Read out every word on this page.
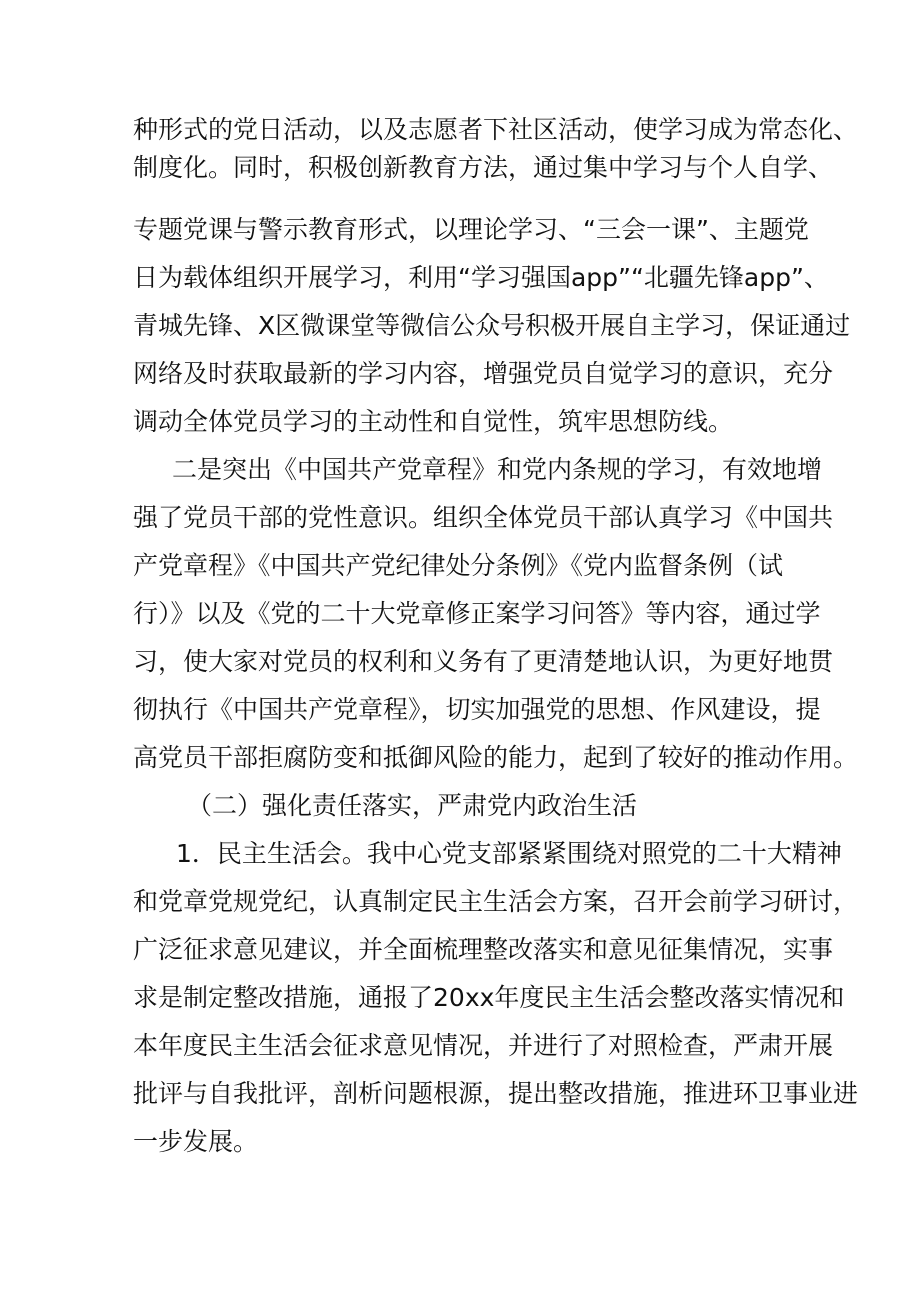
种形式的党日活动，以及志愿者下社区活动，使学习成为常态化、
制度化。同时，积极创新教育方法，通过集中学习与个人自学、
专题党课与警示教育形式，以理论学习、“三会一课”、主题党
日为载体组织开展学习，利用“学习强国app”“北疆先锋app”、
青城先锋、X区微课堂等微信公众号积极开展自主学习，保证通过
网络及时获取最新的学习内容，增强党员自觉学习的意识，充分
调动全体党员学习的主动性和自觉性，筑牢思想防线。
二是突出《中国共产党章程》和党内条规的学习，有效地增
强了党员干部的党性意识。组织全体党员干部认真学习《中国共
产党章程》《中国共产党纪律处分条例》《党内监督条例（试
行）》以及《党的二十大党章修正案学习问答》等内容，通过学
习，使大家对党员的权利和义务有了更清楚地认识，为更好地贯
彻执行《中国共产党章程》，切实加强党的思想、作风建设，提
高党员干部拒腐防变和抵御风险的能力，起到了较好的推动作用。
（二）强化责任落实，严肃党内政治生活
1．民主生活会。我中心党支部紧紧围绕对照党的二十大精神
和党章党规党纪，认真制定民主生活会方案，召开会前学习研讨，
广泛征求意见建议，并全面梳理整改落实和意见征集情况，实事
求是制定整改措施，通报了20xx年度民主生活会整改落实情况和
本年度民主生活会征求意见情况，并进行了对照检查，严肃开展
批评与自我批评，剖析问题根源，提出整改措施，推进环卫事业进
一步发展。
